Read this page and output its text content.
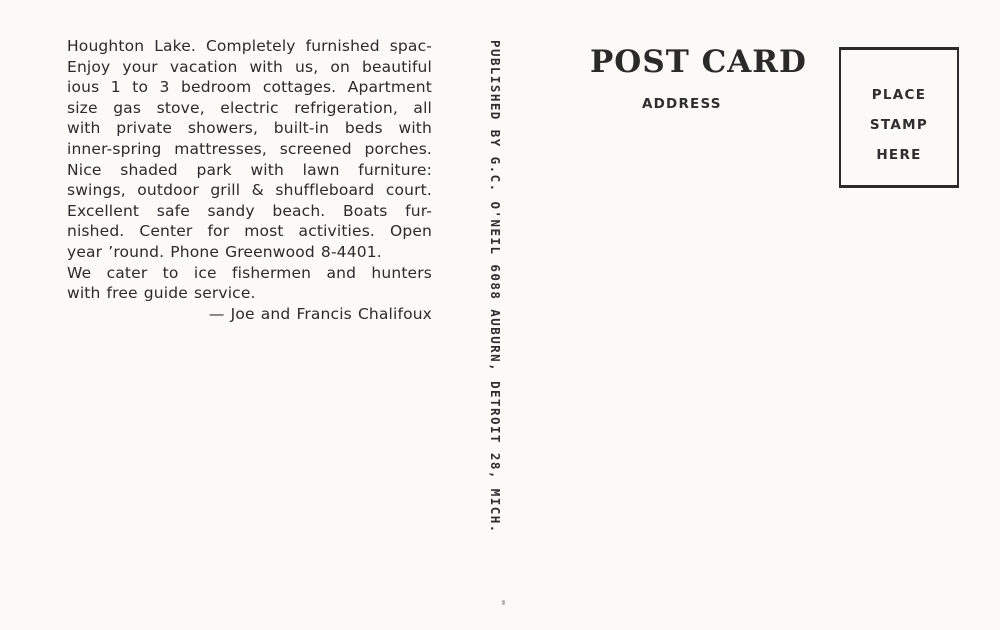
Houghton Lake. Completely furnished spac-
Enjoy your vacation with us, on beautiful
ious 1 to 3 bedroom cottages. Apartment
size gas stove, electric refrigeration, all
with private showers, built-in beds with
inner-spring mattresses, screened porches.
Nice shaded park with lawn furniture:
swings, outdoor grill & shuffleboard court.
Excellent safe sandy beach. Boats fur-
nished. Center for most activities. Open
year ’round. Phone Greenwood 8-4401.
We cater to ice fishermen and hunters
with free guide service.
— Joe and Francis Chalifoux	PUBLISHED BY G.C. O'NEIL 6088 AUBURN, DETROIT 28, MICH.	POST CARD
ADDRESS
PLACE
STAMP
HERE
